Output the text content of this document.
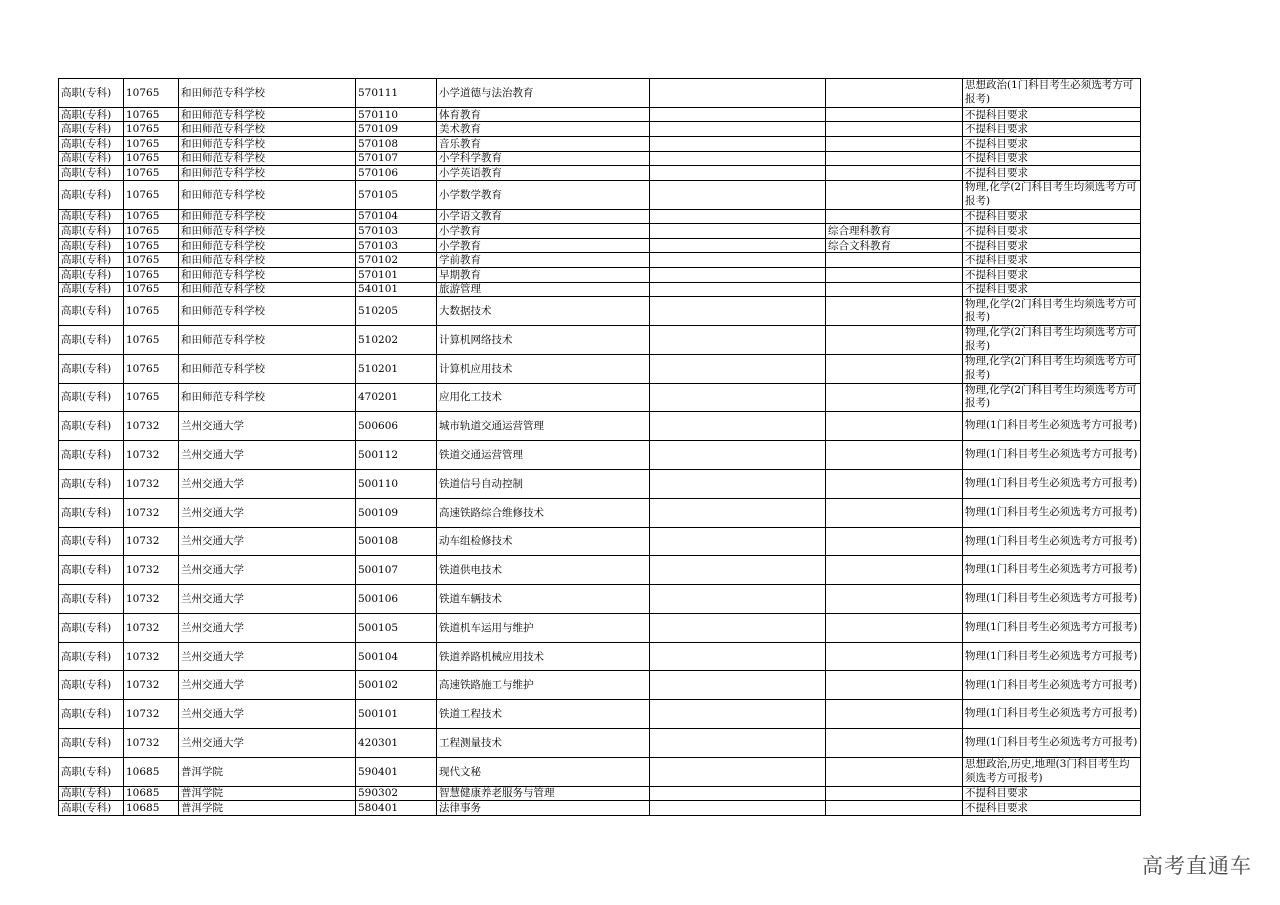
高职(专科)	10765	和田师范专科学校	570111	小学道德与法治教育			思想政治(1门科目考生必须选考方可报考)
高职(专科)	10765	和田师范专科学校	570110	体育教育			不提科目要求
高职(专科)	10765	和田师范专科学校	570109	美术教育			不提科目要求
高职(专科)	10765	和田师范专科学校	570108	音乐教育			不提科目要求
高职(专科)	10765	和田师范专科学校	570107	小学科学教育			不提科目要求
高职(专科)	10765	和田师范专科学校	570106	小学英语教育			不提科目要求
高职(专科)	10765	和田师范专科学校	570105	小学数学教育			物理,化学(2门科目考生均须选考方可报考)
高职(专科)	10765	和田师范专科学校	570104	小学语文教育			不提科目要求
高职(专科)	10765	和田师范专科学校	570103	小学教育		综合理科教育	不提科目要求
高职(专科)	10765	和田师范专科学校	570103	小学教育		综合文科教育	不提科目要求
高职(专科)	10765	和田师范专科学校	570102	学前教育			不提科目要求
高职(专科)	10765	和田师范专科学校	570101	早期教育			不提科目要求
高职(专科)	10765	和田师范专科学校	540101	旅游管理			不提科目要求
高职(专科)	10765	和田师范专科学校	510205	大数据技术			物理,化学(2门科目考生均须选考方可报考)
高职(专科)	10765	和田师范专科学校	510202	计算机网络技术			物理,化学(2门科目考生均须选考方可报考)
高职(专科)	10765	和田师范专科学校	510201	计算机应用技术			物理,化学(2门科目考生均须选考方可报考)
高职(专科)	10765	和田师范专科学校	470201	应用化工技术			物理,化学(2门科目考生均须选考方可报考)
高职(专科)	10732	兰州交通大学	500606	城市轨道交通运营管理			物理(1门科目考生必须选考方可报考)
高职(专科)	10732	兰州交通大学	500112	铁道交通运营管理			物理(1门科目考生必须选考方可报考)
高职(专科)	10732	兰州交通大学	500110	铁道信号自动控制			物理(1门科目考生必须选考方可报考)
高职(专科)	10732	兰州交通大学	500109	高速铁路综合维修技术			物理(1门科目考生必须选考方可报考)
高职(专科)	10732	兰州交通大学	500108	动车组检修技术			物理(1门科目考生必须选考方可报考)
高职(专科)	10732	兰州交通大学	500107	铁道供电技术			物理(1门科目考生必须选考方可报考)
高职(专科)	10732	兰州交通大学	500106	铁道车辆技术			物理(1门科目考生必须选考方可报考)
高职(专科)	10732	兰州交通大学	500105	铁道机车运用与维护			物理(1门科目考生必须选考方可报考)
高职(专科)	10732	兰州交通大学	500104	铁道养路机械应用技术			物理(1门科目考生必须选考方可报考)
高职(专科)	10732	兰州交通大学	500102	高速铁路施工与维护			物理(1门科目考生必须选考方可报考)
高职(专科)	10732	兰州交通大学	500101	铁道工程技术			物理(1门科目考生必须选考方可报考)
高职(专科)	10732	兰州交通大学	420301	工程测量技术			物理(1门科目考生必须选考方可报考)
高职(专科)	10685	普洱学院	590401	现代文秘			思想政治,历史,地理(3门科目考生均须选考方可报考)
高职(专科)	10685	普洱学院	590302	智慧健康养老服务与管理			不提科目要求
高职(专科)	10685	普洱学院	580401	法律事务			不提科目要求
高考直通车
